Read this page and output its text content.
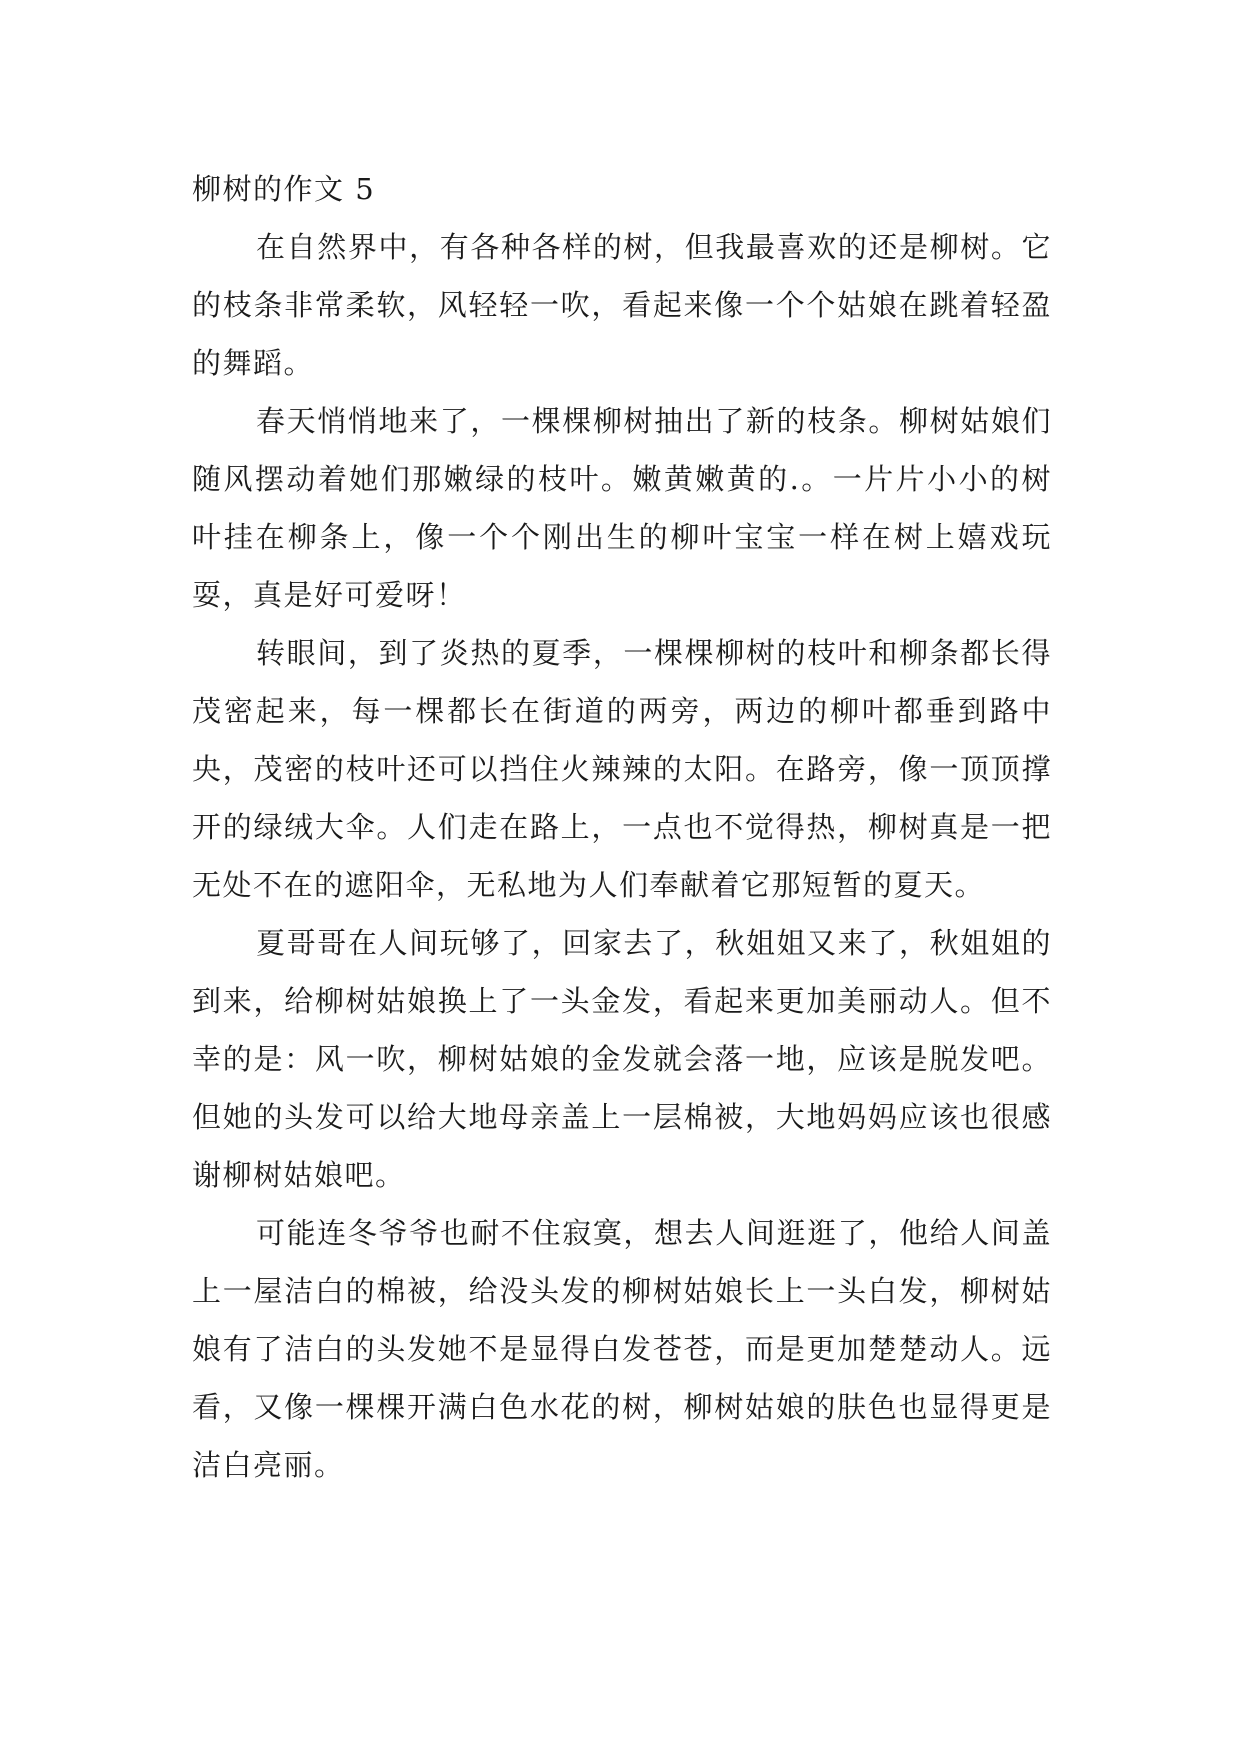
柳树的作文 5

在自然界中，有各种各样的树，但我最喜欢的还是柳树。它的枝条非常柔软，风轻轻一吹，看起来像一个个姑娘在跳着轻盈的舞蹈。

春天悄悄地来了，一棵棵柳树抽出了新的枝条。柳树姑娘们随风摆动着她们那嫩绿的枝叶。嫩黄嫩黄的.。一片片小小的树叶挂在柳条上，像一个个刚出生的柳叶宝宝一样在树上嬉戏玩耍，真是好可爱呀！

转眼间，到了炎热的夏季，一棵棵柳树的枝叶和柳条都长得茂密起来，每一棵都长在街道的两旁，两边的柳叶都垂到路中央，茂密的枝叶还可以挡住火辣辣的太阳。在路旁，像一顶顶撑开的绿绒大伞。人们走在路上，一点也不觉得热，柳树真是一把无处不在的遮阳伞，无私地为人们奉献着它那短暂的夏天。

夏哥哥在人间玩够了，回家去了，秋姐姐又来了，秋姐姐的到来，给柳树姑娘换上了一头金发，看起来更加美丽动人。但不幸的是：风一吹，柳树姑娘的金发就会落一地，应该是脱发吧。但她的头发可以给大地母亲盖上一层棉被，大地妈妈应该也很感谢柳树姑娘吧。

可能连冬爷爷也耐不住寂寞，想去人间逛逛了，他给人间盖上一屋洁白的棉被，给没头发的柳树姑娘长上一头白发，柳树姑娘有了洁白的头发她不是显得白发苍苍，而是更加楚楚动人。远看，又像一棵棵开满白色水花的树，柳树姑娘的肤色也显得更是洁白亮丽。
